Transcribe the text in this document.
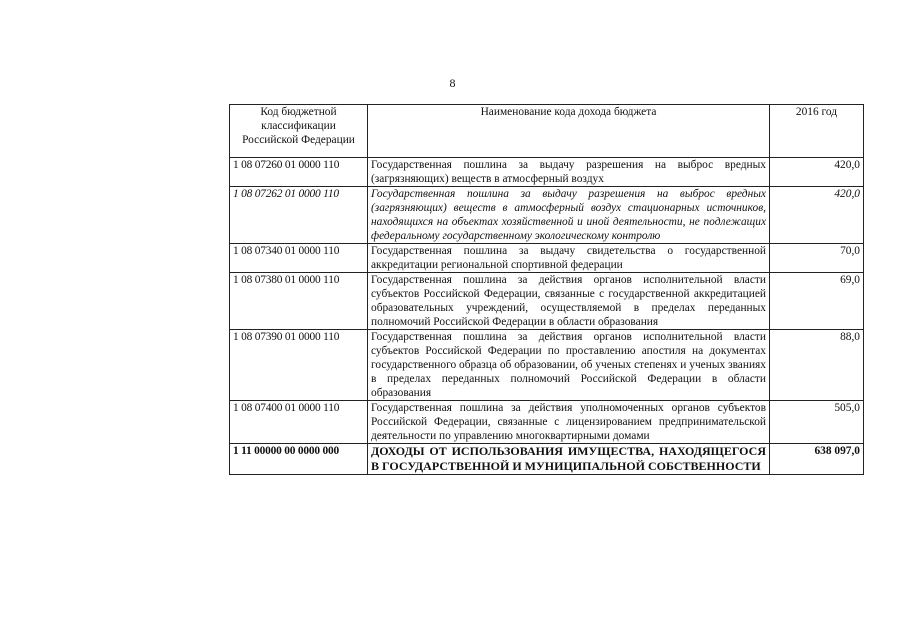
8
Код бюджетной классификации Российской Федерации	Наименование кода дохода бюджета	2016 год
1 08 07260 01 0000 110	Государственная пошлина за выдачу разрешения на выброс вредных (загрязняющих) веществ в атмосферный воздух	420,0
1 08 07262 01 0000 110	Государственная пошлина за выдачу разрешения на выброс вредных (загрязняющих) веществ в атмосферный воздух стационарных источников, находящихся на объектах хозяйственной и иной деятельности, не подлежащих федеральному государственному экологическому контролю	420,0
1 08 07340 01 0000 110	Государственная пошлина за выдачу свидетельства о государственной аккредитации региональной спортивной федерации	70,0
1 08 07380 01 0000 110	Государственная пошлина за действия органов исполнительной власти субъектов Российской Федерации, связанные с государственной аккредитацией образовательных учреждений, осуществляемой в пределах переданных полномочий Российской Федерации в области образования	69,0
1 08 07390 01 0000 110	Государственная пошлина за действия органов исполнительной власти субъектов Российской Федерации по проставлению апостиля на документах государственного образца об образовании, об ученых степенях и ученых званиях в пределах переданных полномочий Российской Федерации в области образования	88,0
1 08 07400 01 0000 110	Государственная пошлина за действия уполномоченных органов субъектов Российской Федерации, связанные с лицензированием предпринимательской деятельности по управлению многоквартирными домами	505,0
1 11 00000 00 0000 000	ДОХОДЫ ОТ ИСПОЛЬЗОВАНИЯ ИМУЩЕСТВА, НАХОДЯЩЕГОСЯ В ГОСУДАРСТВЕННОЙ И МУНИЦИПАЛЬНОЙ СОБСТВЕННОСТИ	638 097,0
